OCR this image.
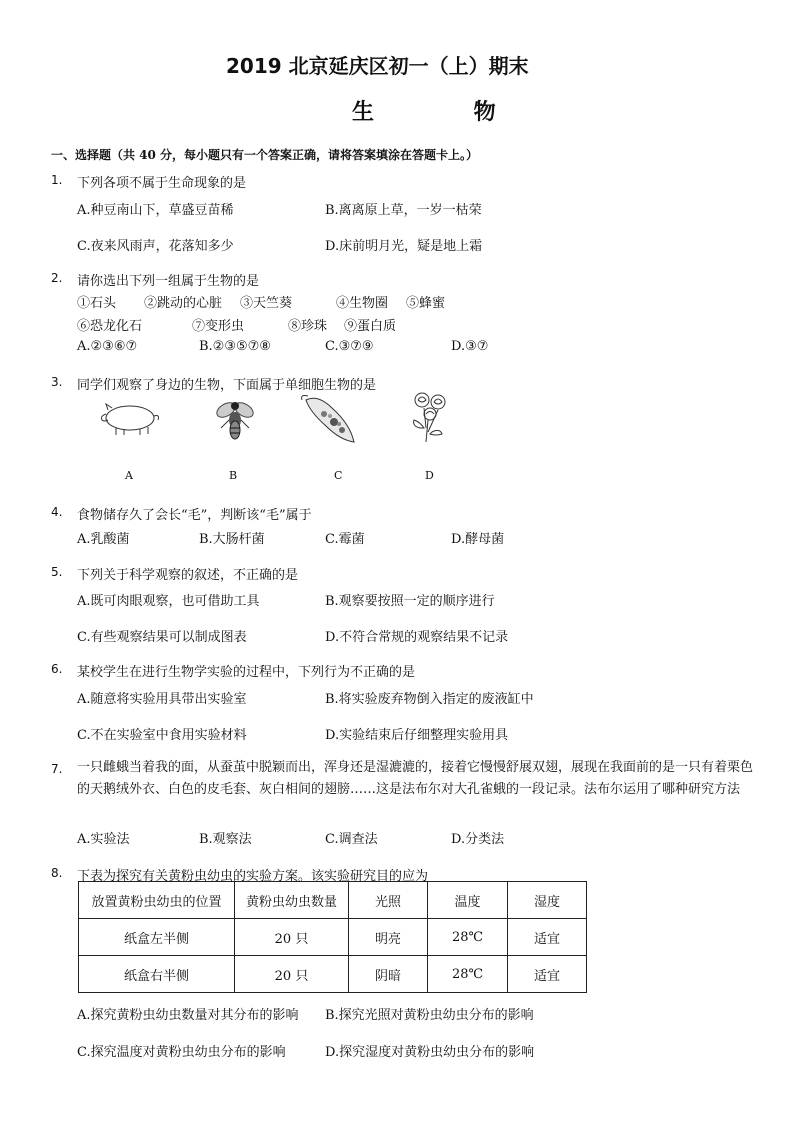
2019 北京延庆区初一（上）期末
生 物
一、选择题（共 40 分，每小题只有一个答案正确，请将答案填涂在答题卡上。）
1. 下列各项不属于生命现象的是
A.种豆南山下，草盛豆苗稀	B.离离原上草，一岁一枯荣
C.夜来风雨声，花落知多少	D.床前明月光，疑是地上霜
2. 请你选出下列一组属于生物的是
①石头 ②跳动的心脏 ③天竺葵	④生物圈 ⑤蜂蜜
⑥恐龙化石	⑦变形虫	⑧珍珠 ⑨蛋白质
A.②③⑥⑦	B.②③⑤⑦⑧	C.③⑦⑨	D.③⑦
3. 同学们观察了身边的生物，下面属于单细胞生物的是
A	B	C	D
4. 食物储存久了会长“毛”，判断该“毛”属于
A.乳酸菌	B.大肠杆菌	C.霉菌	D.酵母菌
5. 下列关于科学观察的叙述，不正确的是
A.既可肉眼观察，也可借助工具	B.观察要按照一定的顺序进行
C.有些观察结果可以制成图表	D.不符合常规的观察结果不记录
6. 某校学生在进行生物学实验的过程中，下列行为不正确的是
A.随意将实验用具带出实验室	B.将实验废弃物倒入指定的废液缸中
C.不在实验室中食用实验材料	D.实验结束后仔细整理实验用具
7. 一只雌蛾当着我的面，从蚕茧中脱颖而出，浑身还是湿漉漉的，接着它慢慢舒展双翅，展现在我面前的是一只有着栗色的天鹅绒外衣、白色的皮毛套、灰白相间的翅膀……这是法布尔对大孔雀蛾的一段记录。法布尔运用了哪种研究方法
A.实验法	B.观察法	C.调查法	D.分类法
8. 下表为探究有关黄粉虫幼虫的实验方案。该实验研究目的应为
放置黄粉虫幼虫的位置	黄粉虫幼虫数量	光照	温度	湿度
纸盒左半侧	20 只	明亮	28℃	适宜
纸盒右半侧	20 只	阴暗	28℃	适宜
A.探究黄粉虫幼虫数量对其分布的影响 B.探究光照对黄粉虫幼虫分布的影响
C.探究温度对黄粉虫幼虫分布的影响	D.探究湿度对黄粉虫幼虫分布的影响
